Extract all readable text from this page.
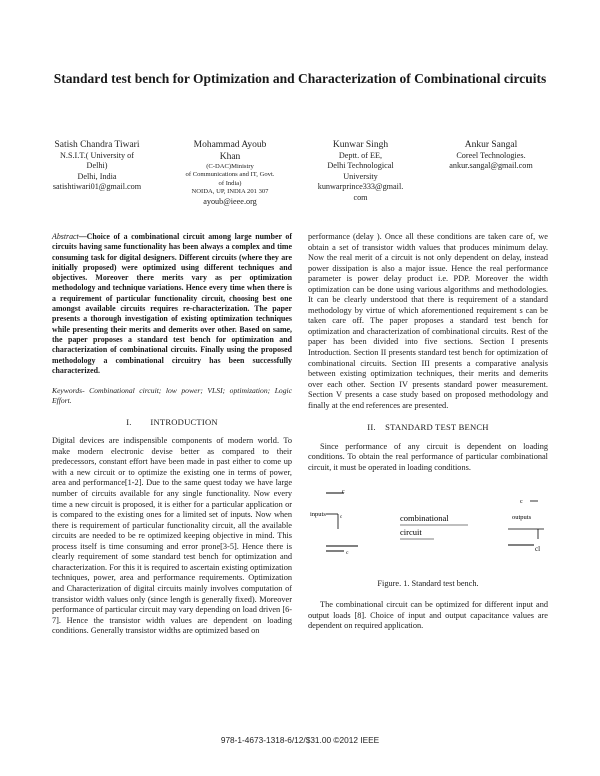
Standard test bench for Optimization and Characterization of Combinational circuits
Satish Chandra Tiwari
N.S.I.T.( University of
Delhi)
Delhi, India
satishtiwari01@gmail.com
Mohammad Ayoub
Khan
(C-DAC)Ministry
of Communications and IT, Govt.
of India)
NOIDA, UP, INDIA 201 307
ayoub@ieee.org
Kunwar Singh
Deptt. of EE,
Delhi Technological
University
kunwarprince333@gmail.
com
Ankur Sangal
Coreel Technologies.
ankur.sangal@gmail.com

Abstract—Choice of a combinational circuit among large number of circuits having same functionality has been always a complex and time consuming task for digital designers. Different circuits (where they are initially proposed) were optimized using different techniques and objectives. Moreover there merits vary as per optimization methodology and technique variations. Hence every time when there is a requirement of particular functionality circuit, choosing best one amongst available circuits requires re-characterization. The paper presents a thorough investigation of existing optimization techniques while presenting their merits and demerits over other. Based on same, the paper proposes a standard test bench for optimization and characterization of combinational circuits. Finally using the proposed methodology a combinational circuitry has been successfully characterized.

Keywords- Combinational circuit; low power; VLSI; optimization; Logic Effort.

I.        INTRODUCTION

Digital devices are indispensible components of modern world. To make modern electronic devise better as compared to their predecessors, constant effort have been made in past either to come up with a new circuit or to optimize the existing one in terms of power, area and performance[1-2]. Due to the same quest today we have large number of circuits available for any single functionality. Now every time a new circuit is proposed, it is either for a particular application or is compared to the existing ones for a limited set of inputs. Now when there is requirement of particular functionality circuit, all the available circuits are needed to be re optimized keeping objective in mind. This process itself is time consuming and error prone[3-5]. Hence there is clearly requirement of some standard test bench for optimization and characterization. For this it is required to ascertain existing optimization techniques, power, area and performance requirements. Optimization and Characterization of digital circuits mainly involves computation of transistor width values only (since length is generally fixed). Moreover performance of particular circuit may vary depending on load driven [6-7]. Hence the transistor width values are dependent on loading conditions. Generally transistor widths are optimized based on

performance (delay ). Once all these conditions are taken care of, we obtain a set of transistor width values that produces minimum delay. Now the real merit of a circuit is not only dependent on delay, instead power dissipation is also a major issue. Hence the real performance parameter is power delay product i.e. PDP. Moreover the width optimization can be done using various algorithms and methodologies. It can be clearly understood that there is requirement of a standard methodology by virtue of which aforementioned requirement s can be taken care off. The paper proposes a standard test bench for optimization and characterization of combinational circuits. Rest of the paper has been divided into five sections. Section I presents Introduction. Section II presents standard test bench for optimization of combinational circuits. Section III presents a comparative analysis between existing optimization techniques, their merits and demerits over each other. Section IV presents standard power measurement. Section V presents a case study based on proposed methodology and finally at the end references are presented.

II.    STANDARD TEST BENCH

Since performance of any circuit is dependent on loading conditions. To obtain the real performance of particular combinational circuit, it must be operated in loading conditions.

c
inputs	c
c
combinational
circuit
c
outputs
cl

Figure. 1. Standard test bench.

The combinational circuit can be optimized for different input and output loads [8]. Choice of input and output capacitance values are dependent on required application.

978-1-4673-1318-6/12/$31.00 ©2012 IEEE
